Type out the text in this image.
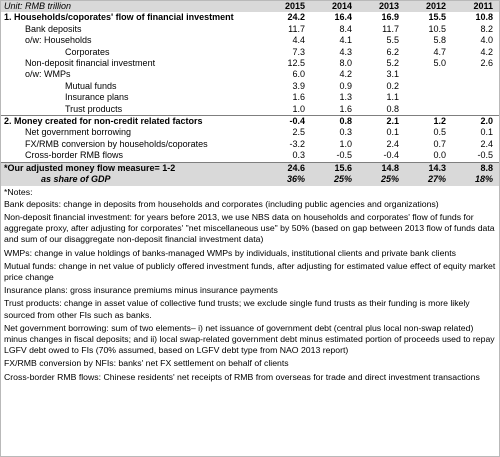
Unit: RMB trillion	2015	2014	2013	2012	2011
1. Households/coporates' flow of financial investment	24.2	16.4	16.9	15.5	10.8
Bank deposits	11.7	8.4	11.7	10.5	8.2
o/w: Households	4.4	4.1	5.5	5.8	4.0
Corporates	7.3	4.3	6.2	4.7	4.2
Non-deposit financial investment	12.5	8.0	5.2	5.0	2.6
o/w: WMPs	6.0	4.2	3.1		
Mutual funds	3.9	0.9	0.2		
Insurance plans	1.6	1.3	1.1		
Trust products	1.0	1.6	0.8		
2. Money created for non-credit related factors	-0.4	0.8	2.1	1.2	2.0
Net government borrowing	2.5	0.3	0.1	0.5	0.1
FX/RMB conversion by households/coporates	-3.2	1.0	2.4	0.7	2.4
Cross-border RMB flows	0.3	-0.5	-0.4	0.0	-0.5
*Our adjusted money flow measure= 1-2	24.6	15.6	14.8	14.3	8.8
as share of GDP	36%	25%	25%	27%	18%

*Notes:

Bank deposits: change in deposits from households and corporates (including public agencies and organizations)

Non-deposit financial investment: for years before 2013, we use NBS data on households and corporates' flow of funds for aggregate proxy, after adjusting for corporates' "net miscellaneous use" by 50% (based on gap between 2013 flow of funds data and sum of our disaggregate non-deposit financial investment data)

WMPs: change in value holdings of banks-managed WMPs by individuals, institutional clients and private bank clients

Mutual funds: change in net value of publicly offered investment funds, after adjusting for estimated value effect of equity market price change

Insurance plans: gross insurance premiums minus insurance payments

Trust products: change in asset value of collective fund trusts; we exclude single fund trusts as their funding is more likely sourced from other FIs such as banks.

Net government borrowing: sum of two elements– i) net issuance of government debt (central plus local non-swap related) minus changes in fiscal deposits; and ii) local swap-related government debt minus estimated portion of proceeds used to repay LGFV debt owed to FIs (70% assumed, based on LGFV debt type from NAO 2013 report)

FX/RMB conversion by NFIs: banks' net FX settlement on behalf of clients

Cross-border RMB flows: Chinese residents' net receipts of RMB from overseas for trade and direct investment transactions
